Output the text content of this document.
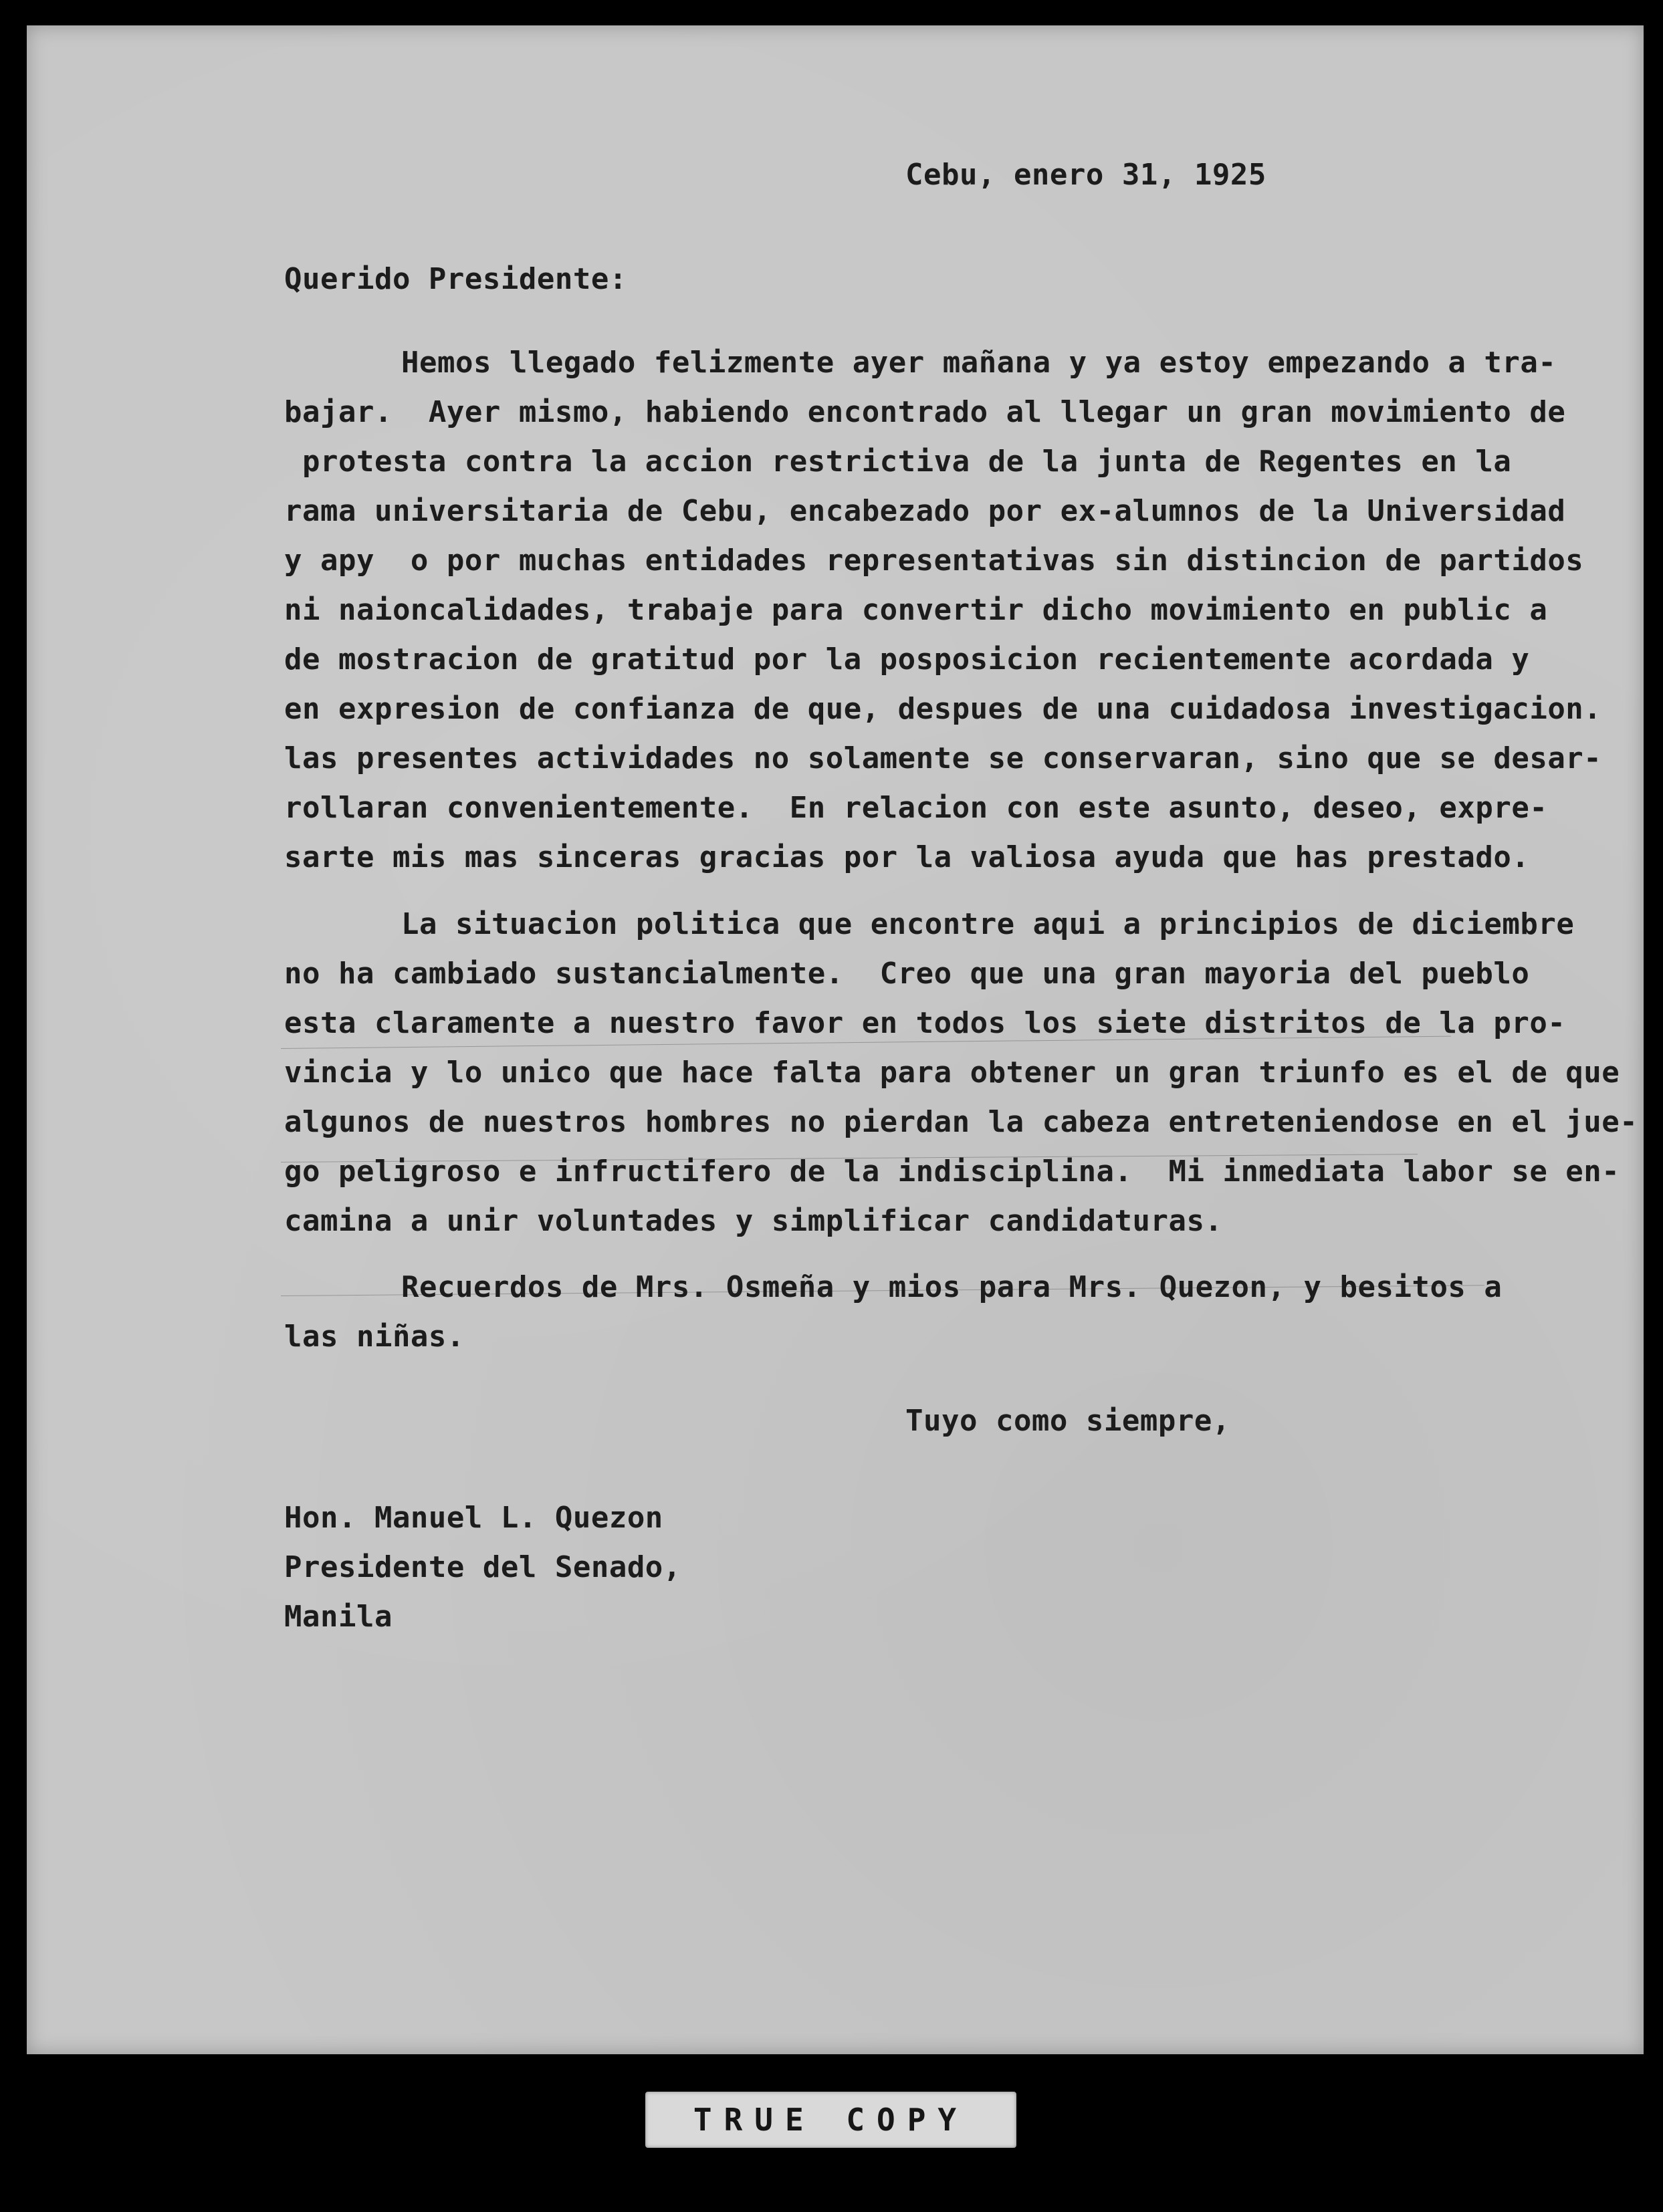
Cebu, enero 31, 1925
Querido Presidente:
Hemos llegado felizmente ayer mañana y ya estoy empezando a tra-
bajar.  Ayer mismo, habiendo encontrado al llegar un gran movimiento de
protesta contra la accion restrictiva de la junta de Regentes en la
rama universitaria de Cebu, encabezado por ex-alumnos de la Universidad
y apy  o por muchas entidades representativas sin distincion de partidos
ni naioncalidades, trabaje para convertir dicho movimiento en public a
de mostracion de gratitud por la posposicion recientemente acordada y
en expresion de confianza de que, despues de una cuidadosa investigacion.
las presentes actividades no solamente se conservaran, sino que se desar-
rollaran convenientemente.  En relacion con este asunto, deseo, expre-
sarte mis mas sinceras gracias por la valiosa ayuda que has prestado.
La situacion politica que encontre aqui a principios de diciembre
no ha cambiado sustancialmente.  Creo que una gran mayoria del pueblo
esta claramente a nuestro favor en todos los siete distritos de la pro-
vincia y lo unico que hace falta para obtener un gran triunfo es el de que
algunos de nuestros hombres no pierdan la cabeza entreteniendose en el jue-
go peligroso e infructifero de la indisciplina.  Mi inmediata labor se en-
camina a unir voluntades y simplificar candidaturas.
Recuerdos de Mrs. Osmeña y mios para Mrs. Quezon, y besitos a
las niñas.
Tuyo como siempre,
Hon. Manuel L. Quezon
Presidente del Senado,
Manila
TRUE COPY
